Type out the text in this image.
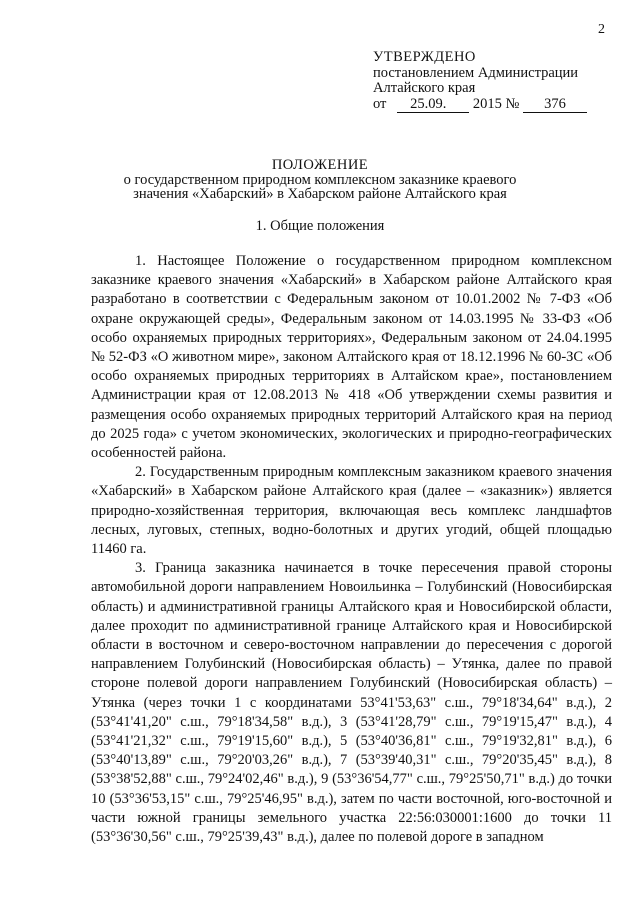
2
УТВЕРЖДЕНО
постановлением Администрации
Алтайского края
от 25.09. 2015 № 376
ПОЛОЖЕНИЕ
о государственном природном комплексном заказнике краевого
значения «Хабарский» в Хабарском районе Алтайского края
1. Общие положения

1. Настоящее Положение о государственном природном комплексном заказнике краевого значения «Хабарский» в Хабарском районе Алтайского края разработано в соответствии с Федеральным законом от 10.01.2002 № 7-ФЗ «Об охране окружающей среды», Федеральным законом от 14.03.1995 № 33-ФЗ «Об особо охраняемых природных территориях», Федеральным законом от 24.04.1995 № 52-ФЗ «О животном мире», законом Алтайского края от 18.12.1996 № 60-ЗС «Об особо охраняемых природных территориях в Алтайском крае», постановлением Администрации края от 12.08.2013 № 418 «Об утверждении схемы развития и размещения особо охраняемых природных территорий Алтайского края на период до 2025 года» с учетом экономических, экологических и природно-географических особенностей района.

2. Государственным природным комплексным заказником краевого значения «Хабарский» в Хабарском районе Алтайского края (далее – «заказник») является природно-хозяйственная территория, включающая весь комплекс ландшафтов лесных, луговых, степных, водно-болотных и других угодий, общей площадью 11460 га.

3. Граница заказника начинается в точке пересечения правой стороны автомобильной дороги направлением Новоильинка – Голубинский (Новосибирская область) и административной границы Алтайского края и Новосибирской области, далее проходит по административной границе Алтайского края и Новосибирской области в восточном и северо-восточном направлении до пересечения с дорогой направлением Голубинский (Новосибирская область) – Утянка, далее по правой стороне полевой дороги направлением Голубинский (Новосибирская область) – Утянка (через точки 1 с координатами 53°41'53,63" с.ш., 79°18'34,64" в.д.), 2 (53°41'41,20" с.ш., 79°18'34,58" в.д.), 3 (53°41'28,79" с.ш., 79°19'15,47" в.д.), 4 (53°41'21,32" с.ш., 79°19'15,60" в.д.), 5 (53°40'36,81" с.ш., 79°19'32,81" в.д.), 6 (53°40'13,89" с.ш., 79°20'03,26" в.д.), 7 (53°39'40,31" с.ш., 79°20'35,45" в.д.), 8 (53°38'52,88" с.ш., 79°24'02,46" в.д.), 9 (53°36'54,77" с.ш., 79°25'50,71" в.д.) до точки 10 (53°36'53,15" с.ш., 79°25'46,95" в.д.), затем по части восточной, юго-восточной и части южной границы земельного участка 22:56:030001:1600 до точки 11 (53°36'30,56" с.ш., 79°25'39,43" в.д.), далее по полевой дороге в западном
